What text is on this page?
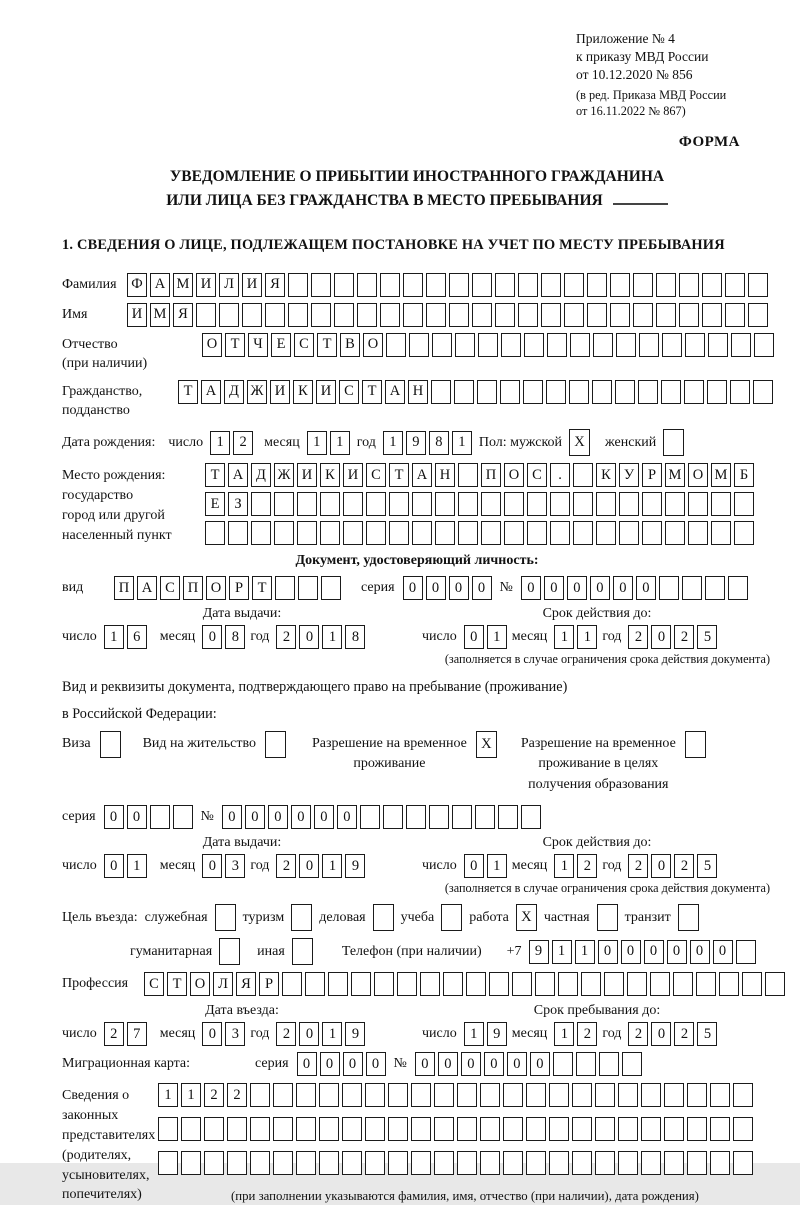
Приложение № 4
к приказу МВД России
от 10.12.2020 № 856
(в ред. Приказа МВД России
от 16.11.2022 № 867)
ФОРМА
УВЕДОМЛЕНИЕ О ПРИБЫТИИ ИНОСТРАННОГО ГРАЖДАНИНА
ИЛИ ЛИЦА БЕЗ ГРАЖДАНСТВА В МЕСТО ПРЕБЫВАНИЯ
1. СВЕДЕНИЯ О ЛИЦЕ, ПОДЛЕЖАЩЕМ ПОСТАНОВКЕ НА УЧЕТ ПО МЕСТУ ПРЕБЫВАНИЯ
Фамилия	Ф А М И Л И Я
Имя	И М Я
Отчество
(при наличии)
О Т Ч Е С Т В О
Гражданство,
подданство
Т А Д Ж И К И С Т А Н
Дата рождения: число 1	2	месяц 1	1 год 1	9	8	1 Пол: мужской X	женский
Место рождения:
государство
город или другой
населенный пункт
Т А Д Ж И К И С Т А Н	П О С	.	К У Р М О М Б

Е	З

Документ, удостоверяющий личность:
вид	П А С П О Р	Т	серия 0	0	0	0	№ 0	0	0	0	0	0
Дата выдачи:	Срок действия до:
число 1	6	месяц 0	8 год 2	0	1	8	число 0	1 месяц 1	1 год 2	0	2	5
(заполняется в случае ограничения срока действия документа)
Вид и реквизиты документа, подтверждающего право на пребывание (проживание)
в Российской Федерации:
Виза	Вид на жительство	Разрешение на временное
проживание
X	Разрешение на временное
проживание в целях
получения образования
серия 0	0	№ 0	0	0	0	0	0
Дата выдачи:	Срок действия до:
число 0	1	месяц 0	3 год 2	0	1	9	число 0	1 месяц 1	2 год 2	0	2	5
(заполняется в случае ограничения срока действия документа)
Цель въезда: служебная	туризм	деловая	учеба	работа X частная	транзит
гуманитарная	иная	Телефон (при наличии) +7 9	1	1	0	0	0	0	0	0
Профессия	С Т О Л Я Р
Дата въезда:	Срок пребывания до:
число 2	7	месяц 0	3 год 2	0	1	9	число 1	9 месяц 1	2 год 2	0	2	5
Миграционная карта:	серия 0	0	0	0	№ 0	0	0	0	0	0
Сведения о
законных
представителях
(родителях,
усыновителях,
попечителях)
1	1	2	2

(при заполнении указываются фамилия, имя, отчество (при наличии), дата рождения)
